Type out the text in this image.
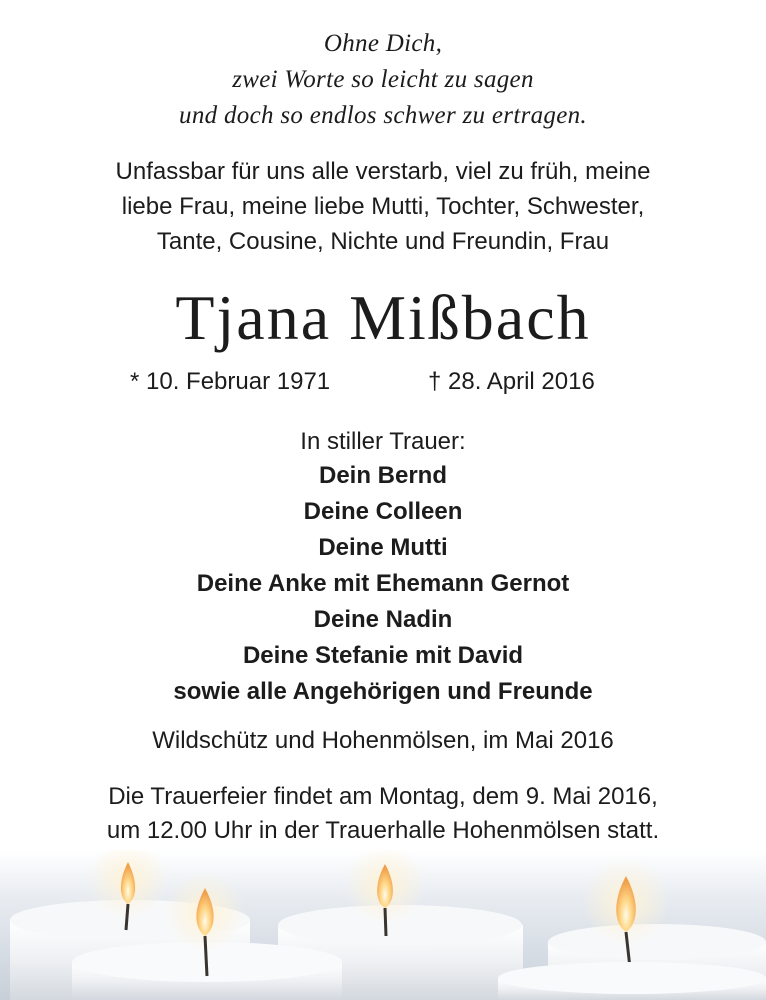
Ohne Dich,
zwei Worte so leicht zu sagen
und doch so endlos schwer zu ertragen.
Unfassbar für uns alle verstarb, viel zu früh, meine
liebe Frau, meine liebe Mutti, Tochter, Schwester,
Tante, Cousine, Nichte und Freundin, Frau
Tjana Mißbach
* 10. Februar 1971	† 28. April 2016
In stiller Trauer:
Dein Bernd
Deine Colleen
Deine Mutti
Deine Anke mit Ehemann Gernot
Deine Nadin
Deine Stefanie mit David
sowie alle Angehörigen und Freunde
Wildschütz und Hohenmölsen, im Mai 2016
Die Trauerfeier findet am Montag, dem 9. Mai 2016,
um 12.00 Uhr in der Trauerhalle Hohenmölsen statt.
